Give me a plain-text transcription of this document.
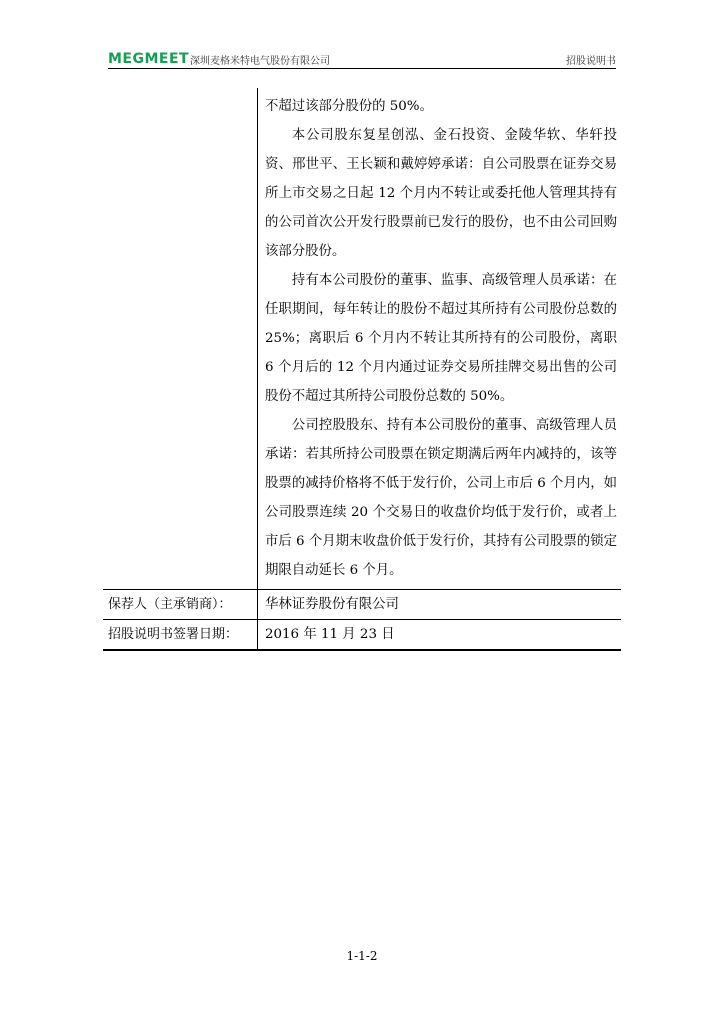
MEGMEET 深圳麦格米特电气股份有限公司	招股说明书

不超过该部分股份的 50%。

本公司股东复星创泓、金石投资、金陵华软、华轩投资、邢世平、王长颖和戴婷婷承诺：自公司股票在证券交易所上市交易之日起 12 个月内不转让或委托他人管理其持有的公司首次公开发行股票前已发行的股份，也不由公司回购该部分股份。

持有本公司股份的董事、监事、高级管理人员承诺：在任职期间，每年转让的股份不超过其所持有公司股份总数的 25%；离职后 6 个月内不转让其所持有的公司股份，离职 6 个月后的 12 个月内通过证券交易所挂牌交易出售的公司股份不超过其所持公司股份总数的 50%。

公司控股股东、持有本公司股份的董事、高级管理人员承诺：若其所持公司股票在锁定期满后两年内减持的，该等股票的减持价格将不低于发行价，公司上市后 6 个月内，如公司股票连续 20 个交易日的收盘价均低于发行价，或者上市后 6 个月期末收盘价低于发行价，其持有公司股票的锁定期限自动延长 6 个月。

保荐人（主承销商）：	华林证券股份有限公司
招股说明书签署日期：	2016 年 11 月 23 日
1-1-2
